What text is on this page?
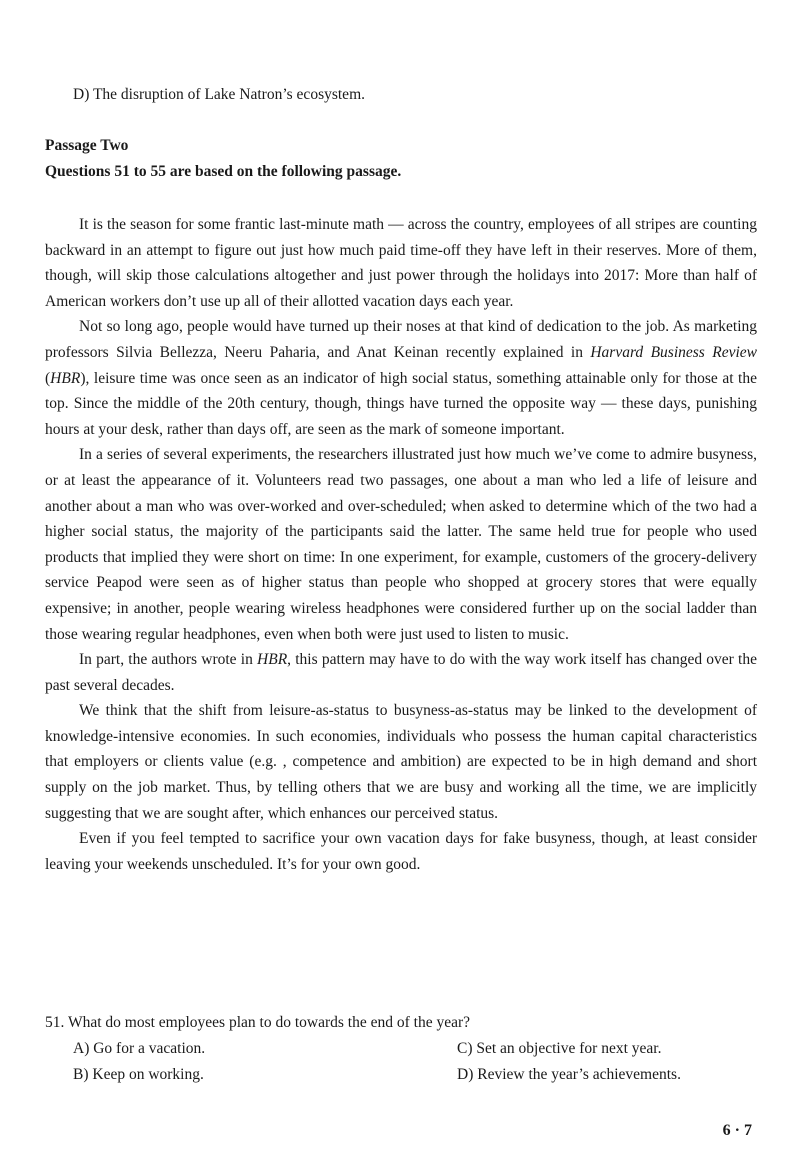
D) The disruption of Lake Natron’s ecosystem.
Passage Two
Questions 51 to 55 are based on the following passage.

It is the season for some frantic last-minute math — across the country, employees of all stripes are counting backward in an attempt to figure out just how much paid time-off they have left in their reserves. More of them, though, will skip those calculations altogether and just power through the holidays into 2017: More than half of American workers don’t use up all of their allotted vacation days each year.

Not so long ago, people would have turned up their noses at that kind of dedication to the job. As marketing professors Silvia Bellezza, Neeru Paharia, and Anat Keinan recently explained in Harvard Business Review (HBR), leisure time was once seen as an indicator of high social status, something attainable only for those at the top. Since the middle of the 20th century, though, things have turned the opposite way — these days, punishing hours at your desk, rather than days off, are seen as the mark of someone important.

In a series of several experiments, the researchers illustrated just how much we’ve come to admire busyness, or at least the appearance of it. Volunteers read two passages, one about a man who led a life of leisure and another about a man who was over-worked and over-scheduled; when asked to determine which of the two had a higher social status, the majority of the participants said the latter. The same held true for people who used products that implied they were short on time: In one experiment, for example, customers of the grocery-delivery service Peapod were seen as of higher status than people who shopped at grocery stores that were equally expensive; in another, people wearing wireless headphones were considered further up on the social ladder than those wearing regular headphones, even when both were just used to listen to music.

In part, the authors wrote in HBR, this pattern may have to do with the way work itself has changed over the past several decades.

We think that the shift from leisure-as-status to busyness-as-status may be linked to the development of knowledge-intensive economies. In such economies, individuals who possess the human capital characteristics that employers or clients value (e.g. , competence and ambition) are expected to be in high demand and short supply on the job market. Thus, by telling others that we are busy and working all the time, we are implicitly suggesting that we are sought after, which enhances our perceived status.

Even if you feel tempted to sacrifice your own vacation days for fake busyness, though, at least consider leaving your weekends unscheduled. It’s for your own good.

51. What do most employees plan to do towards the end of the year?

A) Go for a vacation.	C) Set an objective for next year.
B) Keep on working.	D) Review the year’s achievements.
6 · 7
